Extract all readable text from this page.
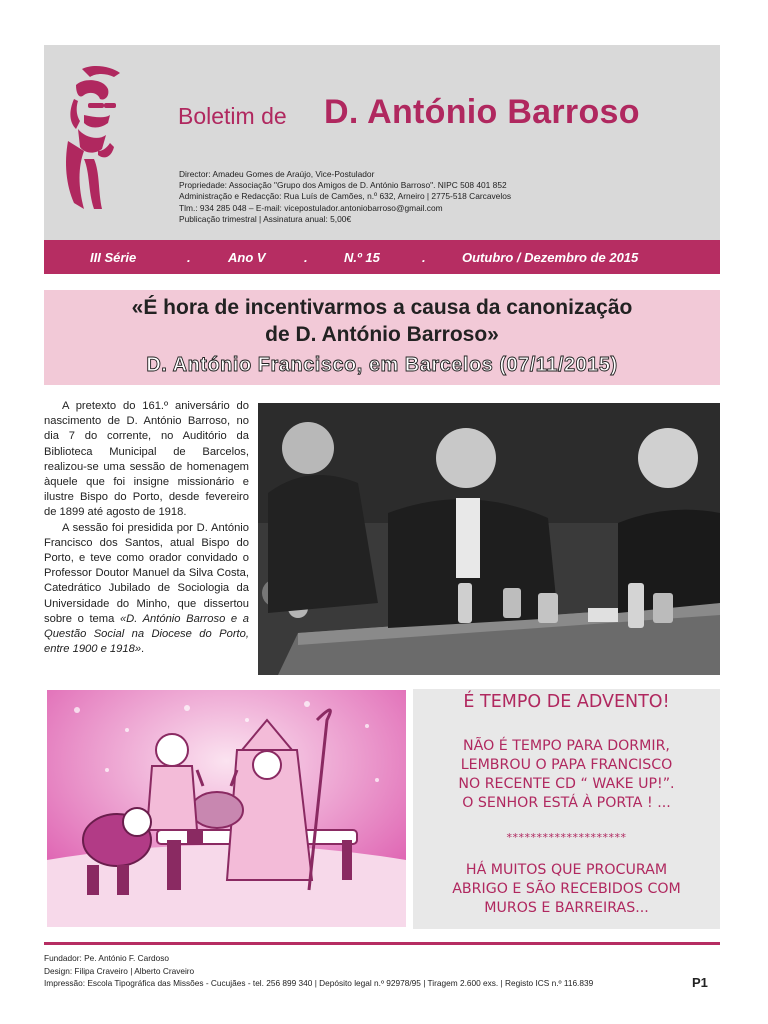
Boletim de D. António Barroso
Director: Amadeu Gomes de Araújo, Vice-Postulador
Propriedade: Associação "Grupo dos Amigos de D. António Barroso". NIPC 508 401 852
Administração e Redacção: Rua Luís de Camões, n.º 632, Arneiro | 2775-518 Carcavelos
Tlm.: 934 285 048 – E-mail: vicepostulador.antoniobarroso@gmail.com
Publicação trimestral | Assinatura anual: 5,00€
III Série	.	Ano V	.	N.º 15	.	Outubro / Dezembro de 2015
«É hora de incentivarmos a causa da canonização
de D. António Barroso»
D. António Francisco, em Barcelos (07/11/2015)

A pretexto do 161.º aniversário do nascimento de D. António Barroso, no dia 7 do corrente, no Auditório da Biblioteca Municipal de Barcelos, realizou-se uma sessão de homenagem àquele que foi insigne missionário e ilustre Bispo do Porto, desde fevereiro de 1899 até agosto de 1918.

A sessão foi presidida por D. António Francisco dos Santos, atual Bispo do Porto, e teve como orador convidado o Professor Doutor Manuel da Silva Costa, Catedrático Jubilado de Sociologia da Universidade do Minho, que dissertou sobre o tema «D. António Barroso e a Questão Social na Diocese do Porto, entre 1900 e 1918».

É TEMPO DE ADVENTO!
NÃO É TEMPO PARA DORMIR,
LEMBROU O PAPA FRANCISCO
NO RECENTE CD “ WAKE UP!”.
O SENHOR ESTÁ À PORTA ! ...
********************
HÁ MUITOS QUE PROCURAM
ABRIGO E SÃO RECEBIDOS COM
MUROS E BARREIRAS...
Fundador: Pe. António F. Cardoso
Design: Filipa Craveiro | Alberto Craveiro
Impressão: Escola Tipográfica das Missões - Cucujães - tel. 256 899 340 | Depósito legal n.º 92978/95 | Tiragem 2.600 exs. | Registo ICS n.º 116.839	P1
